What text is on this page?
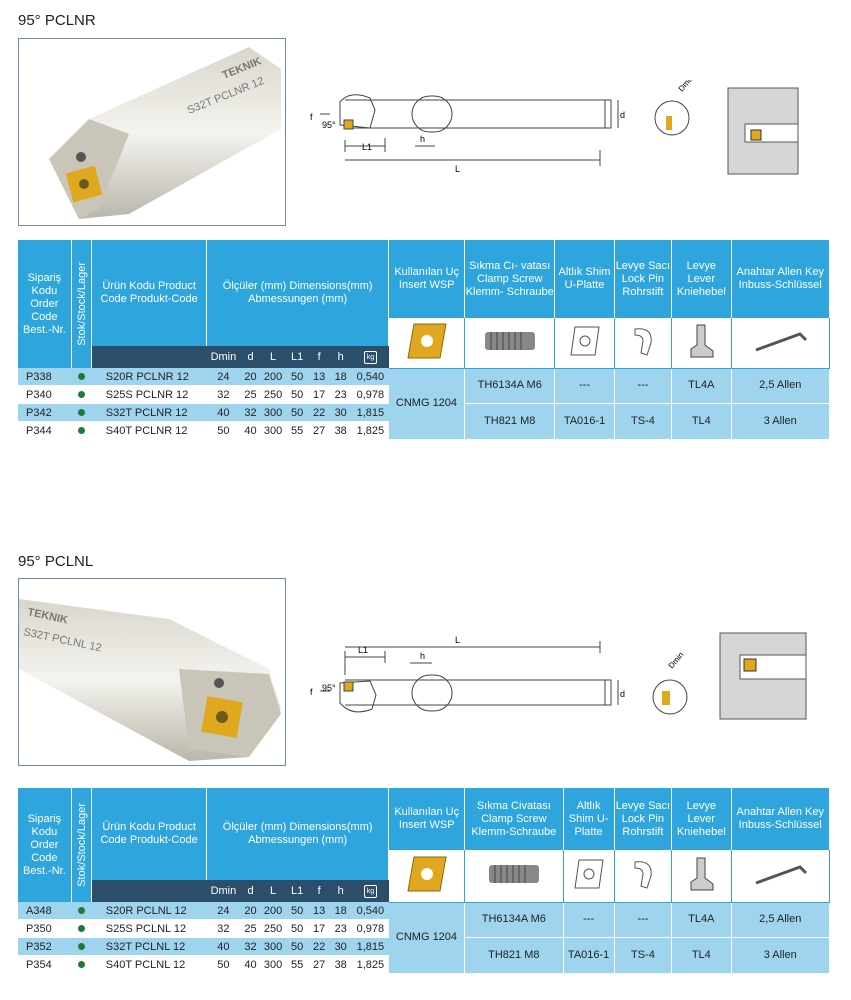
95° PCLNR
S32T PCLNR 12
TEKNIK
L1
h
L
d
f
95°
Dmin
Sipariş Kodu Order Code Best.-Nr.	Stok/Stock/Lager	Ürün Kodu Product Code Produkt-Code	Ölçüler (mm) Dimensions(mm) Abmessungen (mm)							Kullanılan Uç Insert WSP	Sıkma Cı- vatası Clamp Screw Klemm- Schraube	Altlık Shim U-Platte	Levye Sacı Lock Pin Rohrstift	Levye Lever Kniehebel	Anahtar Allen Key Inbuss-Schlüssel

			Dmin	d	L	L1	f	h	kg						
P338		S20R PCLNR 12	24	20	200	50	13	18	0,540	CNMG 1204	TH6134A M6	---	---	TL4A	2,5 Allen
P340		S25S PCLNR 12	32	25	250	50	17	23	0,978						
P342		S32T PCLNR 12	40	32	300	50	22	30	1,815		TH821 M8	TA016-1	TS-4	TL4	3 Allen
P344		S40T PCLNR 12	50	40	300	55	27	38	1,825						
95° PCLNL
S32T PCLNL 12
TEKNIK
L1
h
L
d
f 95°
Dmin
Sipariş Kodu Order Code Best.-Nr.	Stok/Stock/Lager	Ürün Kodu Product Code Produkt-Code	Ölçüler (mm) Dimensions(mm) Abmessungen (mm)							Kullanılan Uç Insert WSP	Sıkma Civatası Clamp Screw Klemm-Schraube	Altlık Shim U-Platte	Levye Sacı Lock Pin Rohrstift	Levye Lever Kniehebel	Anahtar Allen Key Inbuss-Schlüssel

			Dmin	d	L	L1	f	h	kg						
A348		S20R PCLNL 12	24	20	200	50	13	18	0,540	CNMG 1204	TH6134A M6	---	---	TL4A	2,5 Allen
P350		S25S PCLNL 12	32	25	250	50	17	23	0,978						
P352		S32T PCLNL 12	40	32	300	50	22	30	1,815		TH821 M8	TA016-1	TS-4	TL4	3 Allen
P354		S40T PCLNL 12	50	40	300	55	27	38	1,825						
